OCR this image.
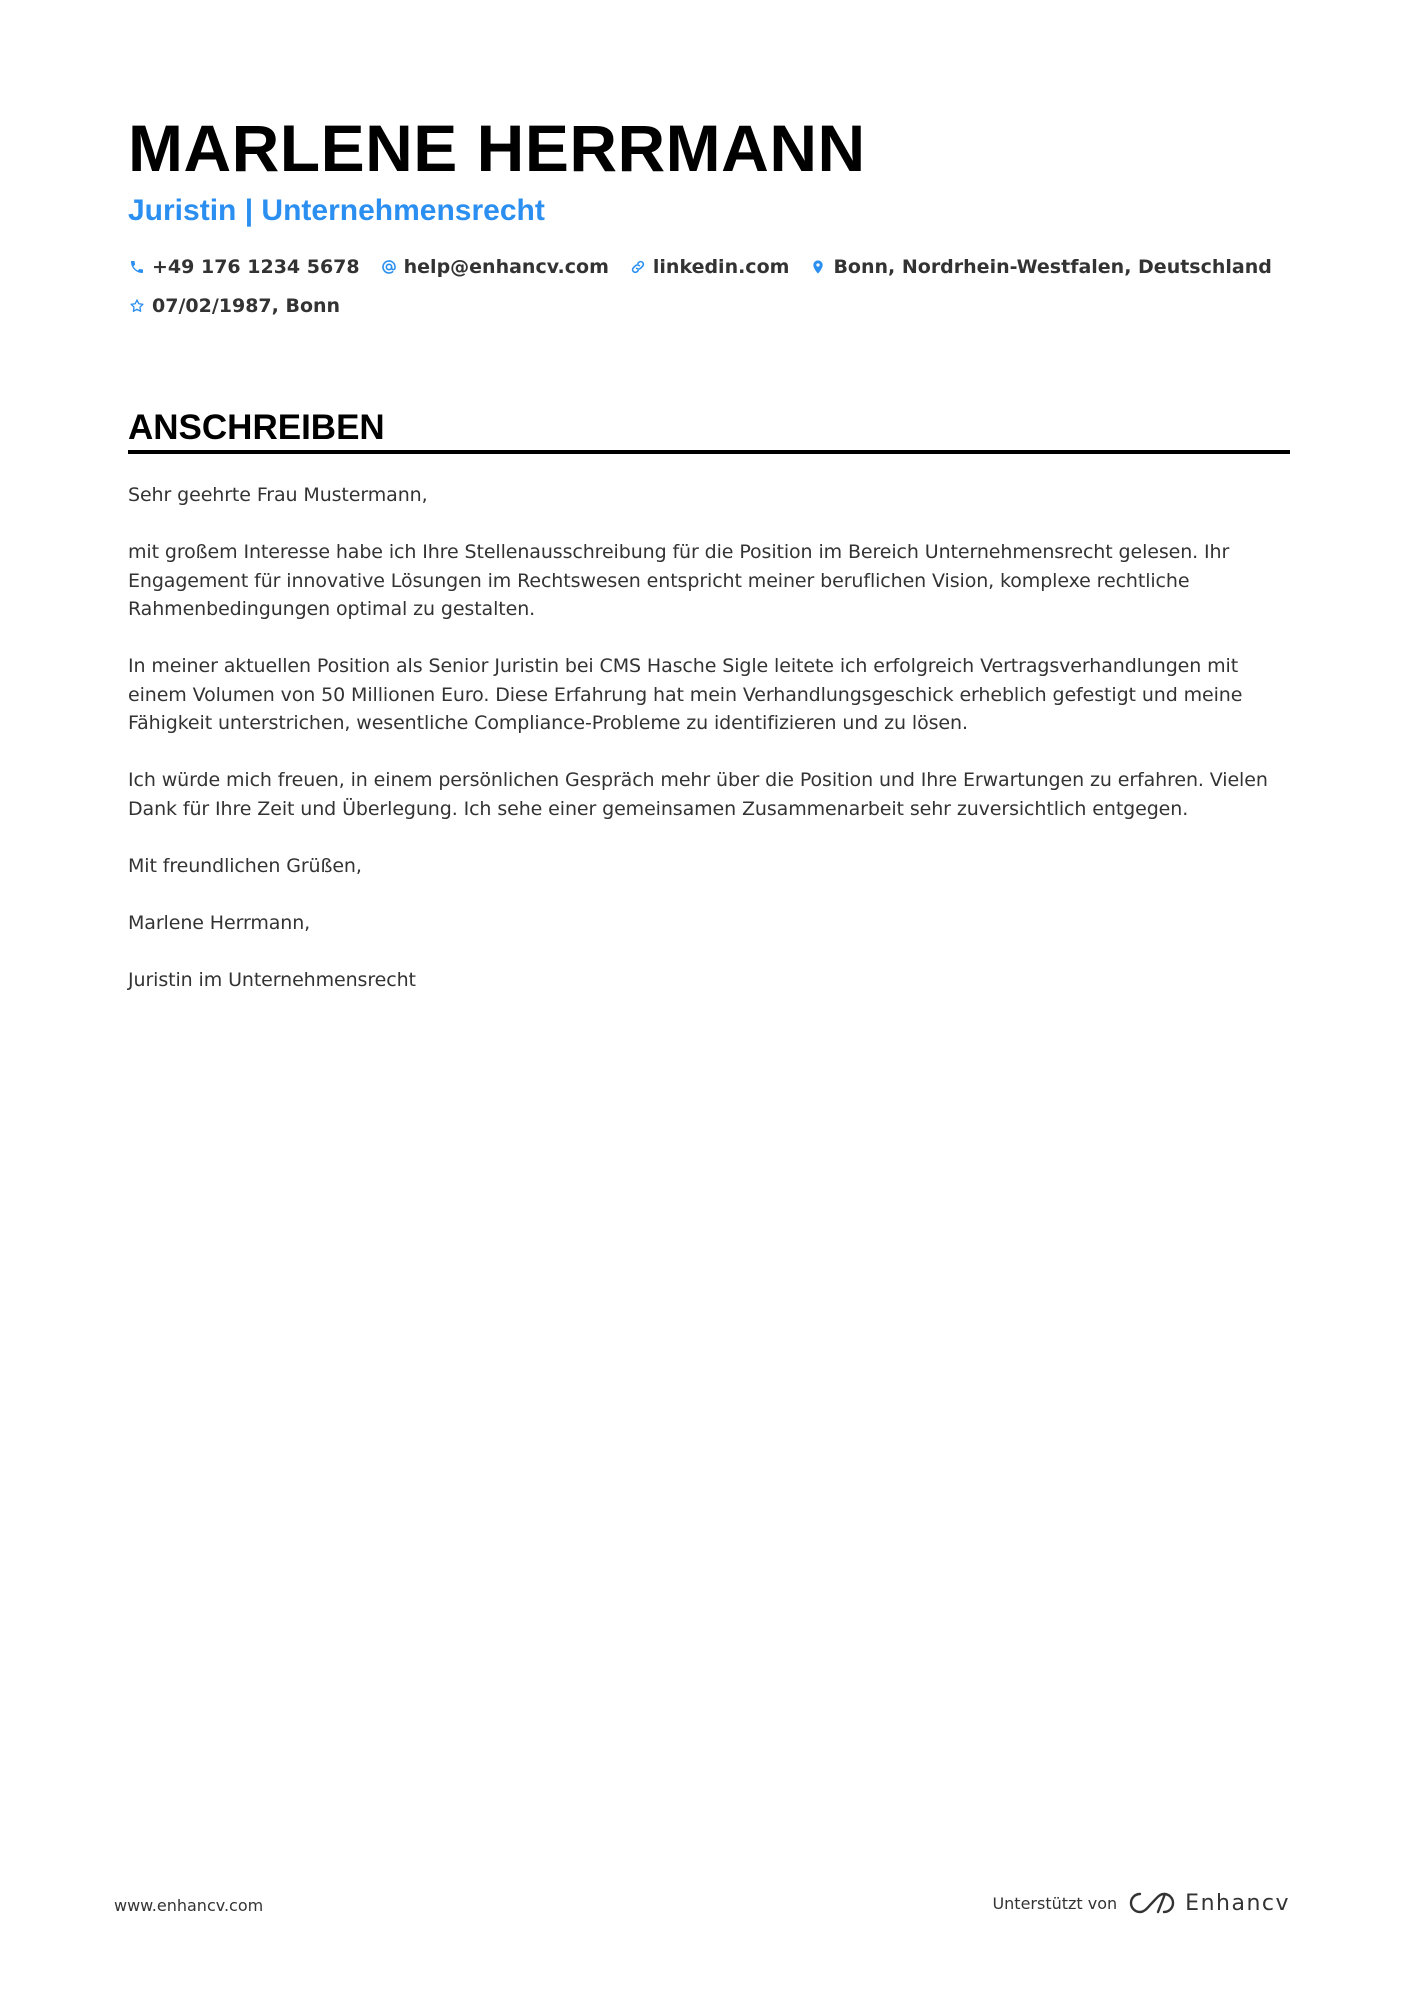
MARLENE HERRMANN
Juristin | Unternehmensrecht
+49 176 1234 5678 help@enhancv.com linkedin.com Bonn, Nordrhein-Westfalen, Deutschland
07/02/1987, Bonn
ANSCHREIBEN

Sehr geehrte Frau Mustermann,

mit großem Interesse habe ich Ihre Stellenausschreibung für die Position im Bereich Unternehmensrecht gelesen. Ihr Engagement für innovative Lösungen im Rechtswesen entspricht meiner beruflichen Vision, komplexe rechtliche Rahmenbedingungen optimal zu gestalten.

In meiner aktuellen Position als Senior Juristin bei CMS Hasche Sigle leitete ich erfolgreich Vertragsverhandlungen mit einem Volumen von 50 Millionen Euro. Diese Erfahrung hat mein Verhandlungsgeschick erheblich gefestigt und meine Fähigkeit unterstrichen, wesentliche Compliance-Probleme zu identifizieren und zu lösen.

Ich würde mich freuen, in einem persönlichen Gespräch mehr über die Position und Ihre Erwartungen zu erfahren. Vielen Dank für Ihre Zeit und Überlegung. Ich sehe einer gemeinsamen Zusammenarbeit sehr zuversichtlich entgegen.

Mit freundlichen Grüßen,

Marlene Herrmann,

Juristin im Unternehmensrecht

www.enhancv.com	Unterstützt von	Enhancv
